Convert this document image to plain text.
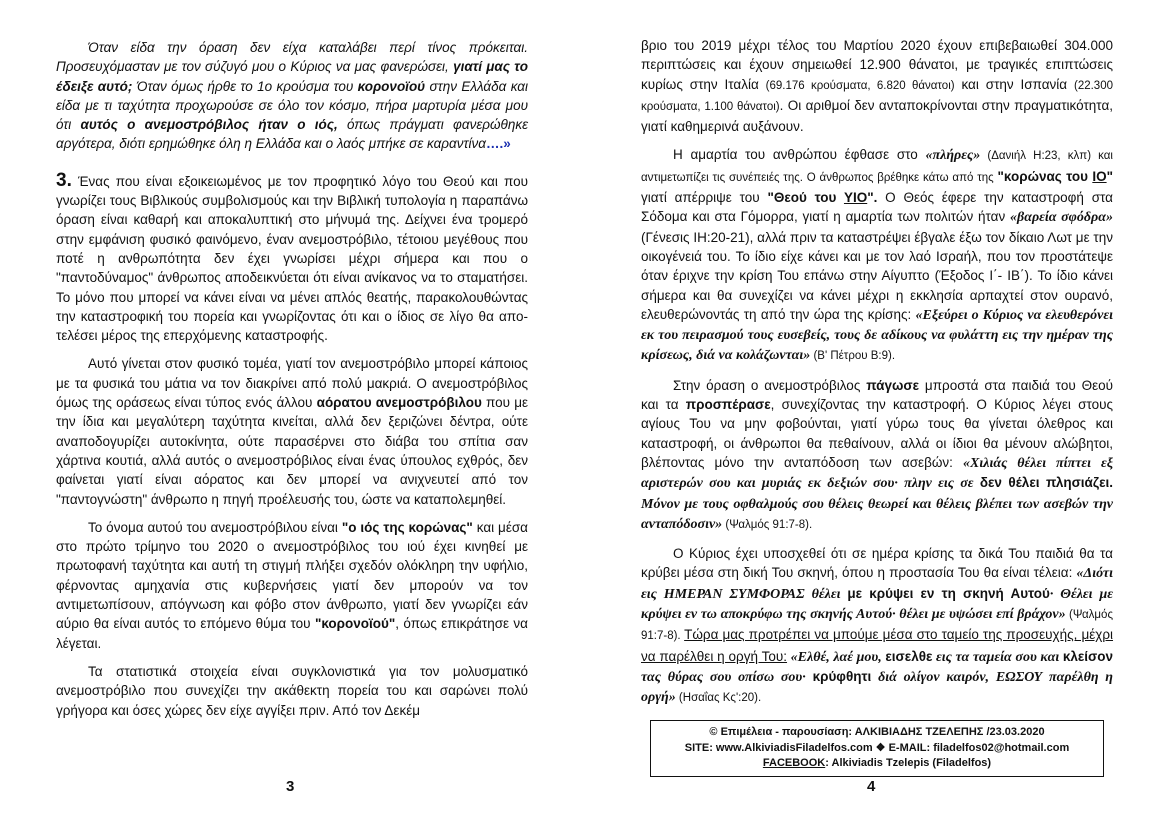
Όταν είδα την όραση δεν είχα καταλάβει περί τίνος πρόκειται. Προσευχόμασταν με τον σύζυγό μου ο Κύριος να μας φανερώσει, γιατί μας το έδειξε αυτό; Όταν όμως ήρθε το 1ο κρούσμα του κορονοϊού στην Ελλάδα και είδα με τι ταχύτητα προχωρούσε σε όλο τον κόσμο, πήρα μαρτυρία μέσα μου ότι αυτός ο ανεμοστρόβιλος ήταν ο ιός, όπως πράγματι φανερώθηκε αργότερα, διότι ερημώθηκε όλη η Ελλάδα και ο λαός μπήκε σε καραντίνα….»

3. Ένας που είναι εξοικειωμένος με τον προφητικό λόγο του Θεού και που γνωρίζει τους Βιβλικούς συμβολισμούς και την Βιβλική τυπολογία η παραπάνω όραση είναι καθαρή και αποκαλυπτική στο μήνυμά της. Δείχνει ένα τρομερό στην εμφάνιση φυσικό φαινόμενο, έναν ανεμοστρόβιλο, τέτοιου μεγέθους που ποτέ η ανθρωπότητα δεν έχει γνωρίσει μέχρι σήμερα και που ο "παντοδύναμος" άνθρωπος αποδεικνύεται ότι είναι ανίκανος να το σταματήσει. Το μόνο που μπορεί να κάνει είναι να μένει απλός θεατής, παρακολουθώντας την καταστροφική του πορεία και γνωρίζοντας ότι και ο ίδιος σε λίγο θα αποτελέσει μέρος της επερχόμενης καταστροφής.

Αυτό γίνεται στον φυσικό τομέα, γιατί τον ανεμοστρόβιλο μπορεί κάποιος με τα φυσικά του μάτια να τον διακρίνει από πολύ μακριά. Ο ανεμοστρόβιλος όμως της οράσεως είναι τύπος ενός άλλου αόρατου ανεμοστρόβιλου που με την ίδια και μεγαλύτερη ταχύτητα κινείται, αλλά δεν ξεριζώνει δέντρα, ούτε αναποδογυρίζει αυτοκίνητα, ούτε παρασέρνει στο διάβα του σπίτια σαν χάρτινα κουτιά, αλλά αυτός ο ανεμοστρόβιλος είναι ένας ύπουλος εχθρός, δεν φαίνεται γιατί είναι αόρατος και δεν μπορεί να ανιχνευτεί από τον "παντογνώστη" άνθρωπο η πηγή προέλευσής του, ώστε να καταπολεμηθεί.

Το όνομα αυτού του ανεμοστρόβιλου είναι "ο ιός της κορώνας" και μέσα στο πρώτο τρίμηνο του 2020 ο ανεμοστρόβιλος του ιού έχει κινηθεί με πρωτοφανή ταχύτητα και αυτή τη στιγμή πλήξει σχεδόν ολόκληρη την υφήλιο, φέρνοντας αμηχανία στις κυβερνήσεις γιατί δεν μπορούν να τον αντιμετωπίσουν, απόγνωση και φόβο στον άνθρωπο, γιατί δεν γνωρίζει εάν αύριο θα είναι αυτός το επόμενο θύμα του "κορονοϊού", όπως επικράτησε να λέγεται.

Τα στατιστικά στοιχεία είναι συγκλονιστικά για τον μολυσματικό ανεμοστρόβιλο που συνεχίζει την ακάθεκτη πορεία του και σαρώνει πολύ γρήγορα και όσες χώρες δεν είχε αγγίξει πριν. Από τον Δεκέμ

βριο του 2019 μέχρι τέλος του Μαρτίου 2020 έχουν επιβεβαιωθεί 304.000 περιπτώσεις και έχουν σημειωθεί 12.900 θάνατοι, με τραγικές επιπτώσεις κυρίως στην Ιταλία (69.176 κρούσματα, 6.820 θάνατοι) και στην Ισπανία (22.300 κρούσματα, 1.100 θάνατοι). Οι αριθμοί δεν ανταποκρίνονται στην πραγματικότητα, γιατί καθημερινά αυξάνουν.

Η αμαρτία του ανθρώπου έφθασε στο «πλήρες» (Δανιήλ Η:23, κλπ) και αντιμετωπίζει τις συνέπειές της. Ο άνθρωπος βρέθηκε κάτω από της "κορώνας του ΙΟ" γιατί απέρριψε του "Θεού του ΥΙΟ". Ο Θεός έφερε την καταστροφή στα Σόδομα και στα Γόμορρα, γιατί η αμαρτία των πολιτών ήταν «βαρεία σφόδρα» (Γένεσις ΙΗ:20-21), αλλά πριν τα καταστρέψει έβγαλε έξω τον δίκαιο Λωτ με την οικογένειά του. Το ίδιο είχε κάνει και με τον λαό Ισραήλ, που τον προστάτεψε όταν έριχνε την κρίση Του επάνω στην Αίγυπτο (Έξοδος Ι΄- ΙΒ΄). Το ίδιο κάνει σήμερα και θα συνεχίζει να κάνει μέχρι η εκκλησία αρπαχτεί στον ουρανό, ελευθερώνοντάς τη από την ώρα της κρίσης: «Εξεύρει ο Κύριος να ελευθερόνει εκ του πειρασμού τους ευσεβείς, τους δε αδίκους να φυλάττη εις την ημέραν της κρίσεως, διά να κολάζωνται» (Β' Πέτρου Β:9).

Στην όραση ο ανεμοστρόβιλος πάγωσε μπροστά στα παιδιά του Θεού και τα προσπέρασε, συνεχίζοντας την καταστροφή. Ο Κύριος λέγει στους αγίους Του να μην φοβούνται, γιατί γύρω τους θα γίνεται όλεθρος και καταστροφή, οι άνθρωποι θα πεθαίνουν, αλλά οι ίδιοι θα μένουν αλώβητοι, βλέποντας μόνο την ανταπόδοση των ασεβών: «Χιλιάς θέλει πίπτει εξ αριστερών σου και μυριάς εκ δεξιών σου· πλην εις σε δεν θέλει πλησιάζει. Μόνον με τους οφθαλμούς σου θέλεις θεωρεί και θέλεις βλέπει των ασεβών την ανταπόδοσιν» (Ψαλμός 91:7-8).

Ο Κύριος έχει υποσχεθεί ότι σε ημέρα κρίσης τα δικά Του παιδιά θα τα κρύβει μέσα στη δική Του σκηνή, όπου η προστασία Του θα είναι τέλεια: «Διότι εις ΗΜΕΡΑΝ ΣΥΜΦΟΡΑΣ θέλει με κρύψει εν τη σκηνή Αυτού· Θέλει με κρύψει εν τω αποκρύφω της σκηνής Αυτού· θέλει με υψώσει επί βράχον» (Ψαλμός 91:7-8). Τώρα μας προτρέπει να μπούμε μέσα στο ταμείο της προσευχής, μέχρι να παρέλθει η οργή Του: «Ελθέ, λαέ μου, εισελθε εις τα ταμεία σου και κλείσον τας θύρας σου οπίσω σου· κρύφθητι διά ολίγον καιρόν, ΕΩΣΟΥ παρέλθη η οργή» (Ησαΐας Κς':20).

© Επιμέλεια - παρουσίαση: ΑΛΚΙΒΙΑΔΗΣ ΤΖΕΛΕΠΗΣ /23.03.2020
SITE: www.AlkiviadisFiladelfos.com ❖ E-MAIL: filadelfos02@hotmail.com
FACEBOOK: Alkiviadis Tzelepis (Filadelfos)
3	4
